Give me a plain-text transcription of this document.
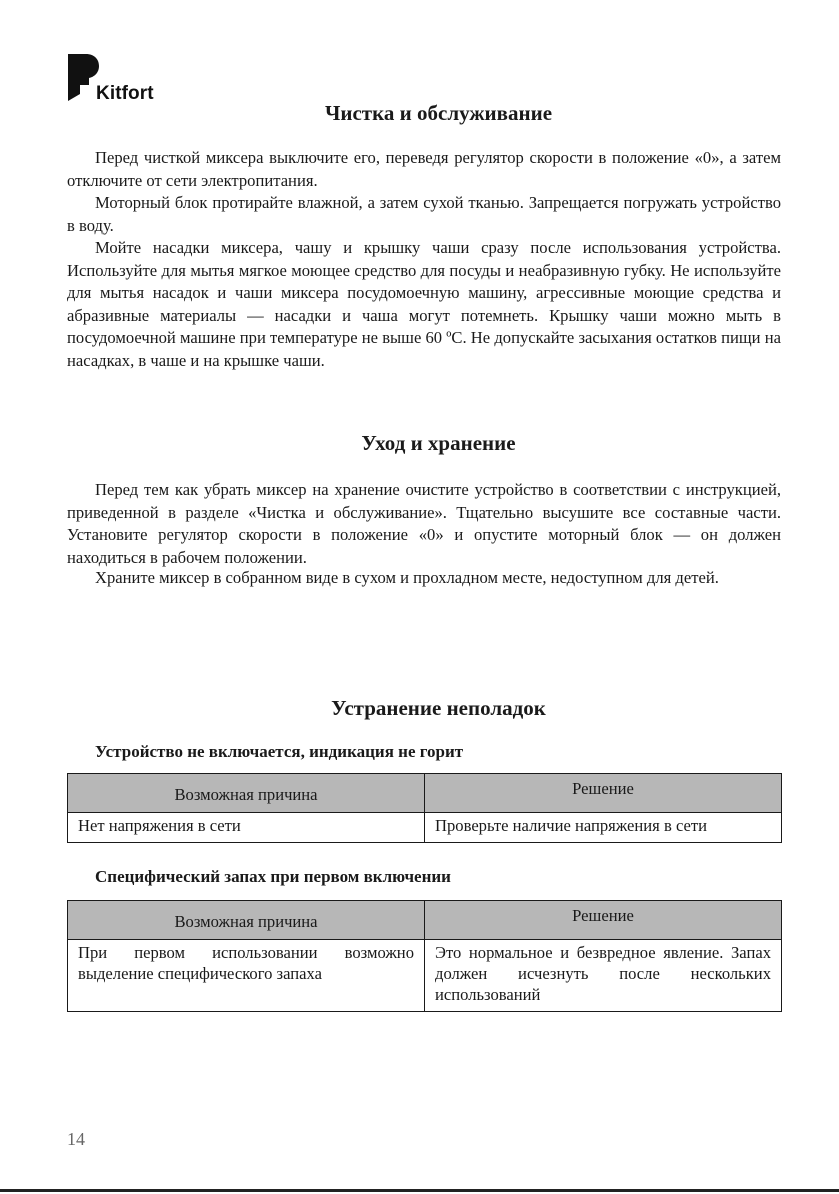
Kitfort
Чистка и обслуживание

Перед чисткой миксера выключите его, переведя регулятор скорости в положение «0», а затем отключите от сети электропитания.

Моторный блок протирайте влажной, а затем сухой тканью. Запрещается погружать устройство в воду.

Мойте насадки миксера, чашу и крышку чаши сразу после использования устройства. Используйте для мытья мягкое моющее средство для посуды и неабразивную губку. Не используйте для мытья насадок и чаши миксера посудомоечную машину, агрессивные моющие средства и абразивные материалы — насадки и чаша могут потемнеть. Крышку чаши можно мыть в посудомоечной машине при температуре не выше 60 ºС. Не допускайте засыхания остатков пищи на насадках, в чаше и на крышке чаши.

Уход и хранение

Перед тем как убрать миксер на хранение очистите устройство в соответствии с инструкцией, приведенной в разделе «Чистка и обслуживание». Тщательно высушите все составные части. Установите регулятор скорости в положение «0» и опустите моторный блок — он должен находиться в рабочем положении.

Храните миксер в собранном виде в сухом и прохладном месте, недоступном для детей.

Устранение неполадок
Устройство не включается, индикация не горит
Возможная причина	Решение
Нет напряжения в сети	Проверьте наличие напряжения в сети
Специфический запах при первом включении
Возможная причина	Решение
При первом использовании возможно выделение специфического запаха	Это нормальное и безвредное явление. Запах должен исчезнуть после нескольких использований
14
